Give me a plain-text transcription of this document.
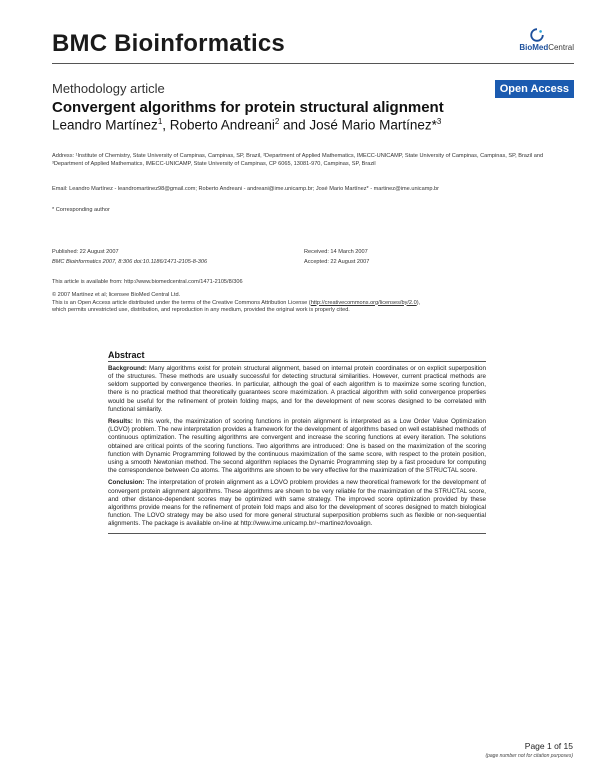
BMC Bioinformatics	BioMedCentral
Methodology article	Open Access
Convergent algorithms for protein structural alignment
Leandro Martínez$^1$, Roberto Andreani$^2$ and José Mario Martínez*$^3$
Address: ¹Institute of Chemistry, State University of Campinas, Campinas, SP, Brazil, ²Department of Applied Mathematics, IMECC-UNICAMP, State University of Campinas, Campinas, SP, Brazil and ³Department of Applied Mathematics, IMECC-UNICAMP, State University of Campinas, CP 6065, 13081-970, Campinas, SP, Brazil
Email: Leandro Martínez - leandromartinez98@gmail.com; Roberto Andreani - andreani@ime.unicamp.br; José Mario Martínez* - martinez@ime.unicamp.br
* Corresponding author
Published: 22 August 2007
BMC Bioinformatics 2007, 8:306 doi:10.1186/1471-2105-8-306
Received: 14 March 2007
Accepted: 22 August 2007
This article is available from: http://www.biomedcentral.com/1471-2105/8/306
© 2007 Martínez et al; licensee BioMed Central Ltd.
This is an Open Access article distributed under the terms of the Creative Commons Attribution License (http://creativecommons.org/licenses/by/2.0),
which permits unrestricted use, distribution, and reproduction in any medium, provided the original work is properly cited.
Abstract

Background: Many algorithms exist for protein structural alignment, based on internal protein coordinates or on explicit superposition of the structures. These methods are usually successful for detecting structural similarities. However, current practical methods are seldom supported by convergence theories. In particular, although the goal of each algorithm is to maximize some scoring function, there is no practical method that theoretically guarantees score maximization. A practical algorithm with solid convergence properties would be useful for the refinement of protein folding maps, and for the development of new scores designed to be correlated with functional similarity.

Results: In this work, the maximization of scoring functions in protein alignment is interpreted as a Low Order Value Optimization (LOVO) problem. The new interpretation provides a framework for the development of algorithms based on well established methods of continuous optimization. The resulting algorithms are convergent and increase the scoring functions at every iteration. The solutions obtained are critical points of the scoring functions. Two algorithms are introduced: One is based on the maximization of the scoring function with Dynamic Programming followed by the continuous maximization of the same score, with respect to the protein position, using a smooth Newtonian method. The second algorithm replaces the Dynamic Programming step by a fast procedure for computing the correspondence between Cα atoms. The algorithms are shown to be very effective for the maximization of the STRUCTAL score.

Conclusion: The interpretation of protein alignment as a LOVO problem provides a new theoretical framework for the development of convergent protein alignment algorithms. These algorithms are shown to be very reliable for the maximization of the STRUCTAL score, and other distance-dependent scores may be optimized with same strategy. The improved score optimization provided by these algorithms provide means for the refinement of protein fold maps and also for the development of scores designed to match biological function. The LOVO strategy may be also used for more general structural superposition problems such as flexible or non-sequential alignments. The package is available on-line at http://www.ime.unicamp.br/~martinez/lovoalign.

Page 1 of 15
(page number not for citation purposes)
